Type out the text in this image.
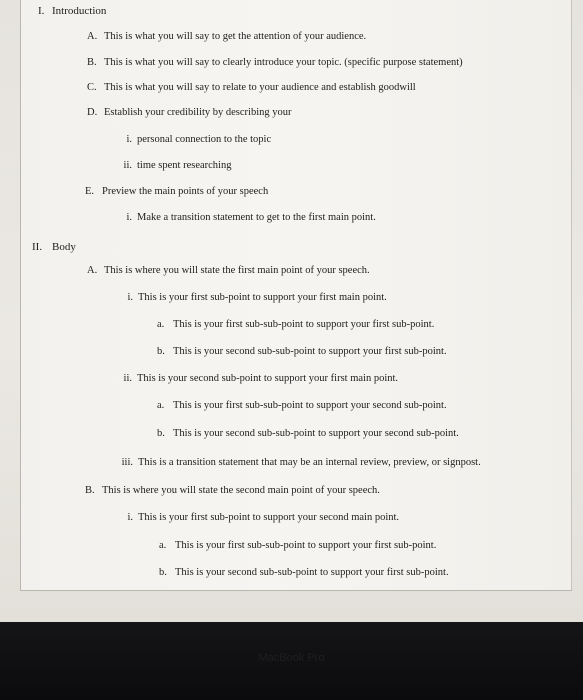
I. Introduction
A. This is what you will say to get the attention of your audience.
B. This is what you will say to clearly introduce your topic. (specific purpose statement)
C. This is what you will say to relate to your audience and establish goodwill
D. Establish your credibility by describing your
i. personal connection to the topic
ii. time spent researching
E. Preview the main points of your speech
i. Make a transition statement to get to the first main point.
II. Body
A. This is where you will state the first main point of your speech.
i. This is your first sub-point to support your first main point.
a. This is your first sub-sub-point to support your first sub-point.
b. This is your second sub-sub-point to support your first sub-point.
ii. This is your second sub-point to support your first main point.
a. This is your first sub-sub-point to support your second sub-point.
b. This is your second sub-sub-point to support your second sub-point.
iii. This is a transition statement that may be an internal review, preview, or signpost.
B. This is where you will state the second main point of your speech.
i. This is your first sub-point to support your second main point.
a. This is your first sub-sub-point to support your first sub-point.
b. This is your second sub-sub-point to support your first sub-point.
MacBook Pro
